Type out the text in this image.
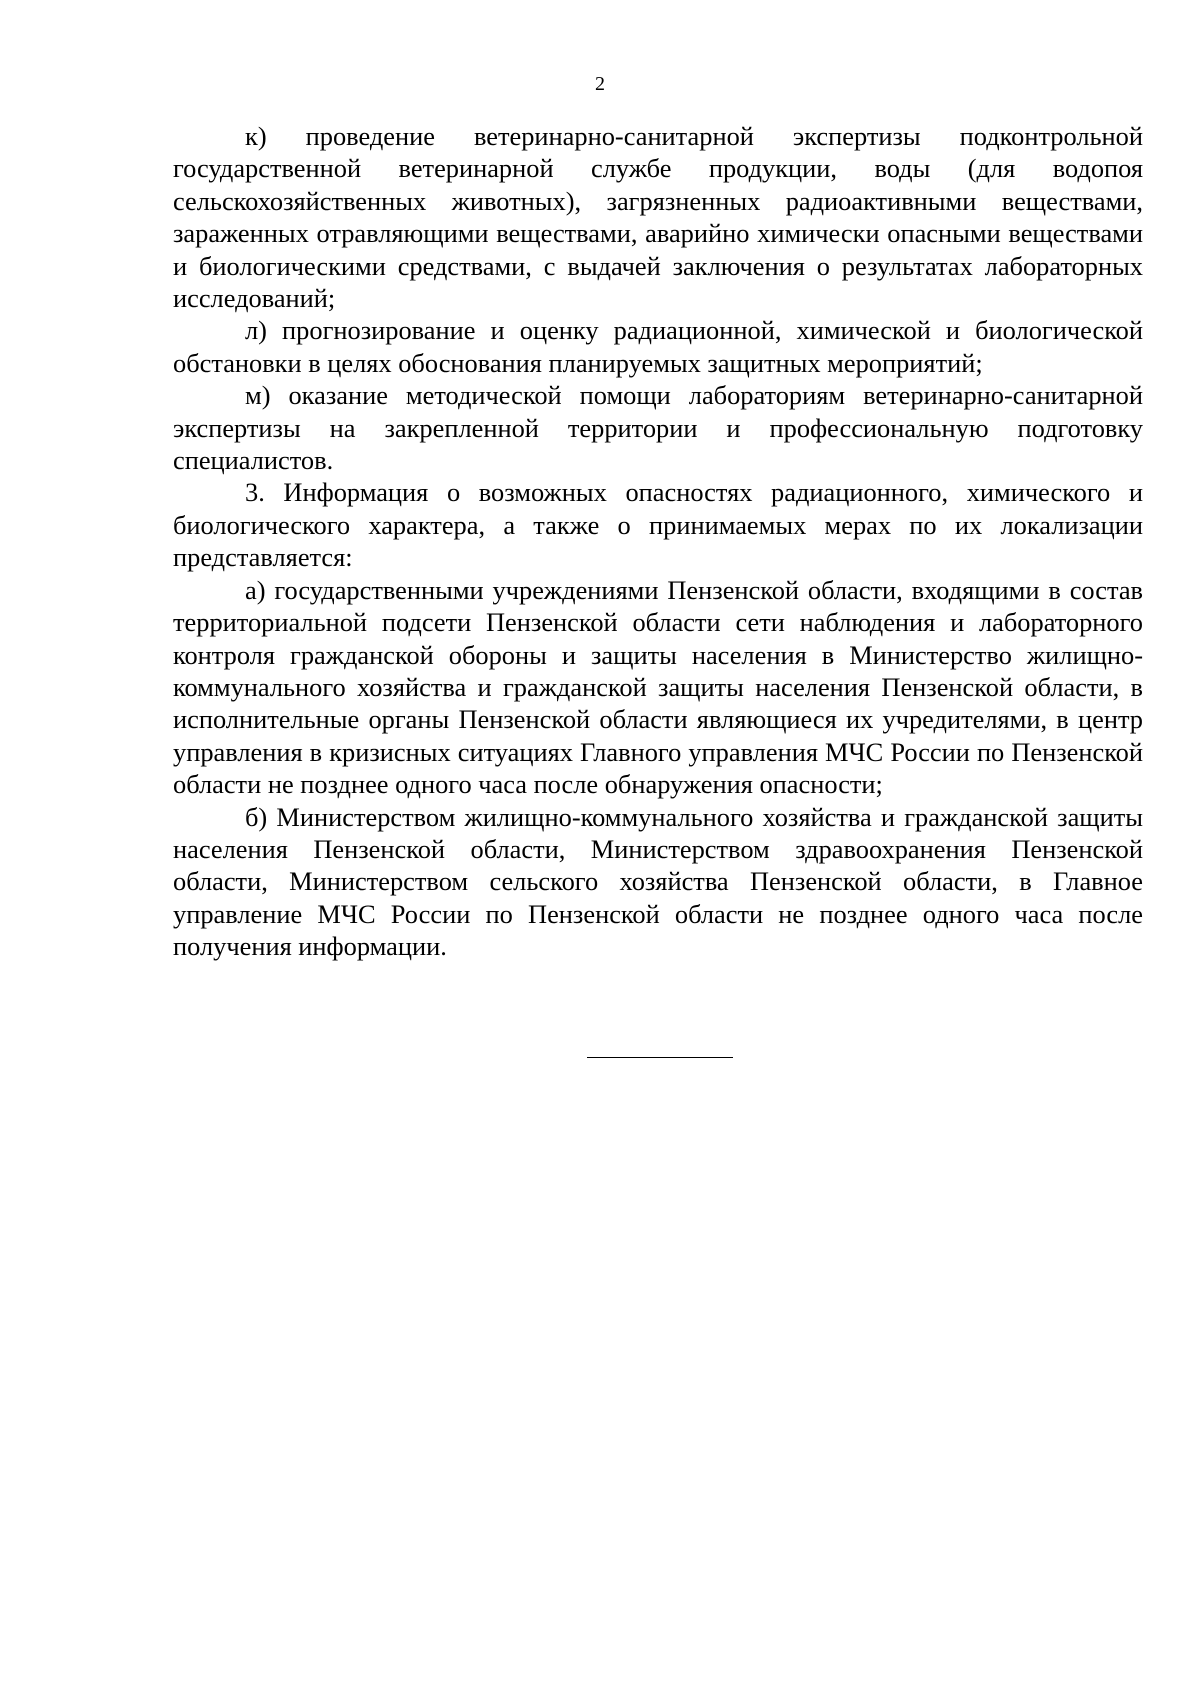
2

к) проведение ветеринарно-санитарной экспертизы подконтрольной государственной ветеринарной службе продукции, воды (для водопоя сельскохозяйственных животных), загрязненных радиоактивными веществами, зараженных отравляющими веществами, аварийно химически опасными веществами и биологическими средствами, с выдачей заключения о результатах лабораторных исследований;

л) прогнозирование и оценку радиационной, химической и биологической обстановки в целях обоснования планируемых защитных мероприятий;

м) оказание методической помощи лабораториям ветеринарно-санитарной экспертизы на закрепленной территории и профессиональную подготовку специалистов.

3. Информация о возможных опасностях радиационного, химического и биологического характера, а также о принимаемых мерах по их локализации представляется:

а) государственными учреждениями Пензенской области, входящими в состав территориальной подсети Пензенской области сети наблюдения и лабораторного контроля гражданской обороны и защиты населения в Министерство жилищно-коммунального хозяйства и гражданской защиты населения Пензенской области, в исполнительные органы Пензенской области являющиеся их учредителями, в центр управления в кризисных ситуациях Главного управления МЧС России по Пензенской области не позднее одного часа после обнаружения опасности;

б) Министерством жилищно-коммунального хозяйства и гражданской защиты населения Пензенской области, Министерством здравоохранения Пензенской области, Министерством сельского хозяйства Пензенской области, в Главное управление МЧС России по Пензенской области не позднее одного часа после получения информации.
